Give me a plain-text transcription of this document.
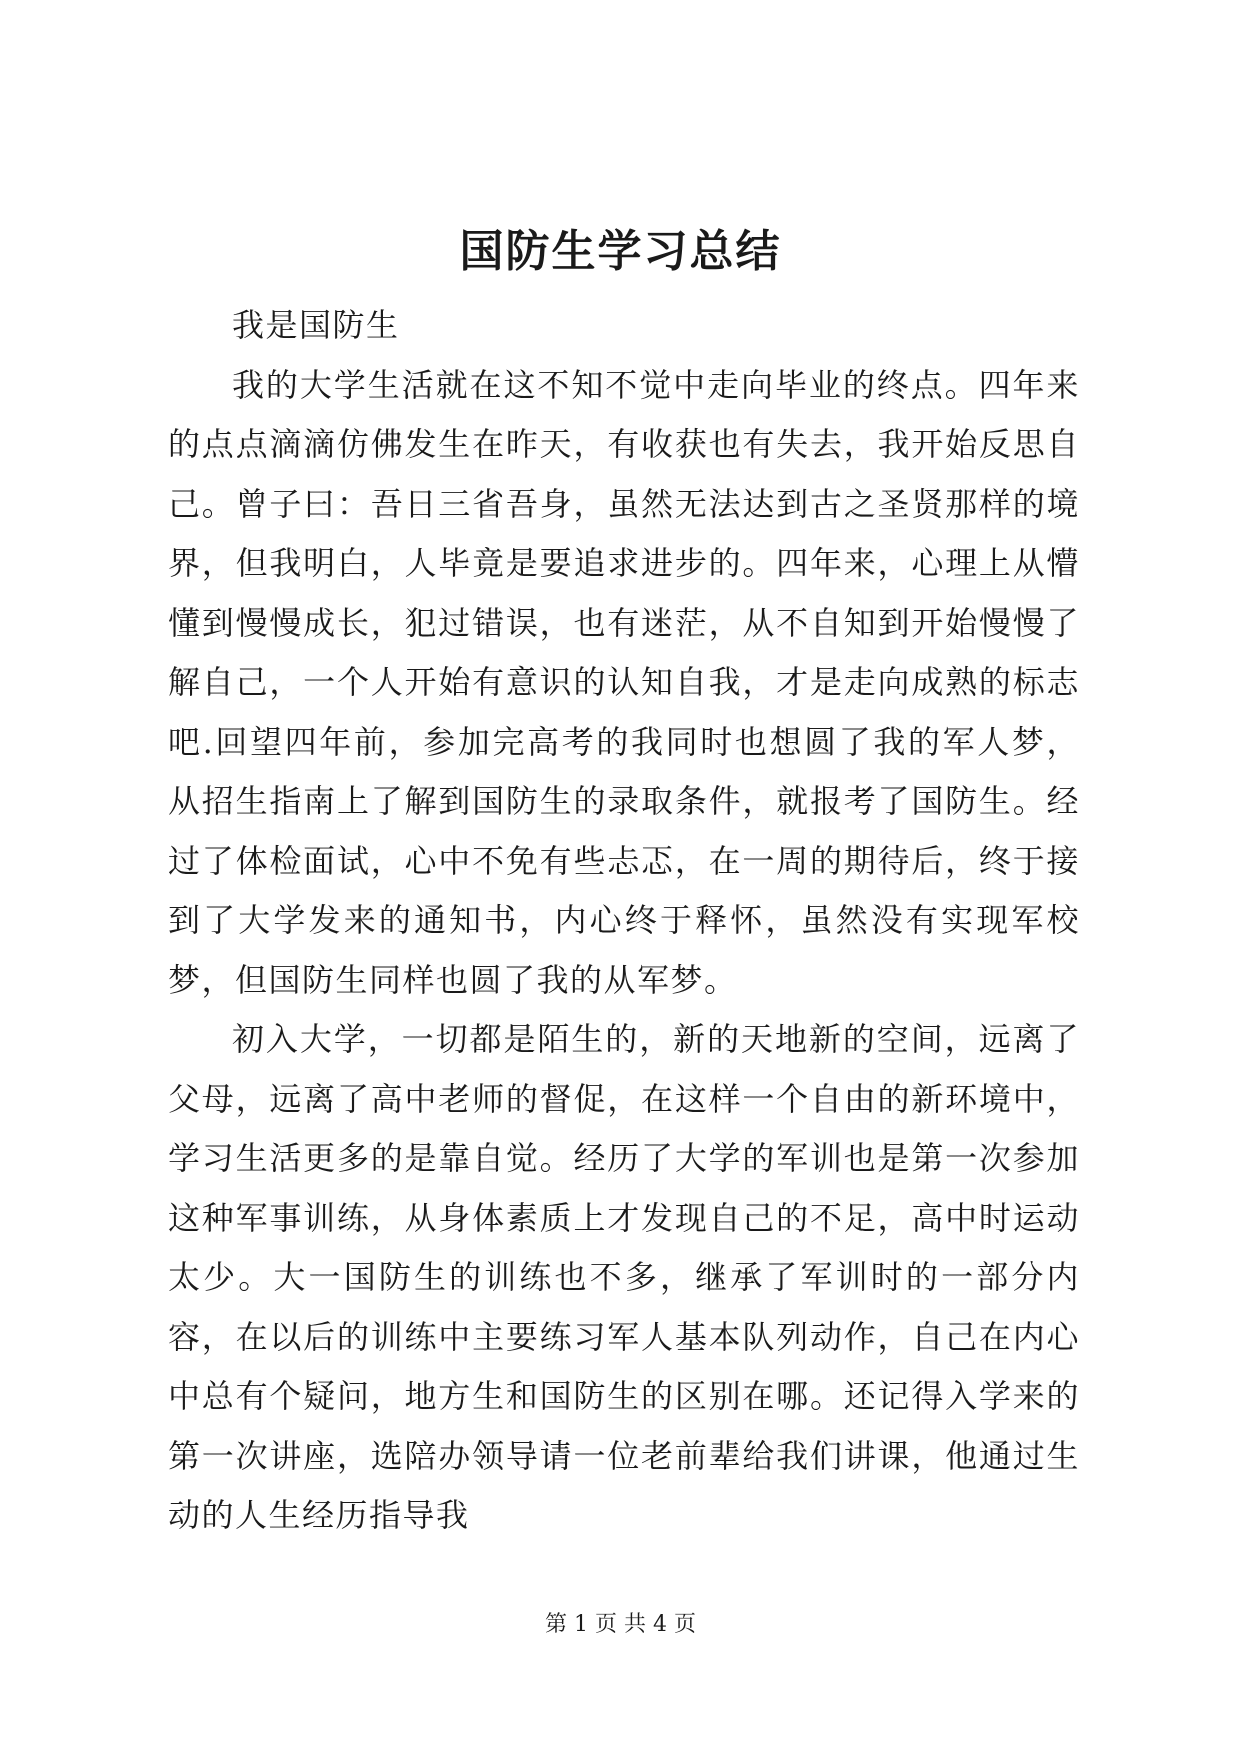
国防生学习总结

我是国防生

我的大学生活就在这不知不觉中走向毕业的终点。四年来的点点滴滴仿佛发生在昨天，有收获也有失去，我开始反思自己。曾子曰：吾日三省吾身，虽然无法达到古之圣贤那样的境界，但我明白，人毕竟是要追求进步的。四年来，心理上从懵懂到慢慢成长，犯过错误，也有迷茫，从不自知到开始慢慢了解自己，一个人开始有意识的认知自我，才是走向成熟的标志吧.回望四年前，参加完高考的我同时也想圆了我的军人梦，从招生指南上了解到国防生的录取条件，就报考了国防生。经过了体检面试，心中不免有些忐忑，在一周的期待后，终于接到了大学发来的通知书，内心终于释怀，虽然没有实现军校梦，但国防生同样也圆了我的从军梦。

初入大学，一切都是陌生的，新的天地新的空间，远离了父母，远离了高中老师的督促，在这样一个自由的新环境中，学习生活更多的是靠自觉。经历了大学的军训也是第一次参加这种军事训练，从身体素质上才发现自己的不足，高中时运动太少。大一国防生的训练也不多，继承了军训时的一部分内容，在以后的训练中主要练习军人基本队列动作，自己在内心中总有个疑问，地方生和国防生的区别在哪。还记得入学来的第一次讲座，选陪办领导请一位老前辈给我们讲课，他通过生动的人生经历指导我

第 1 页 共 4 页
